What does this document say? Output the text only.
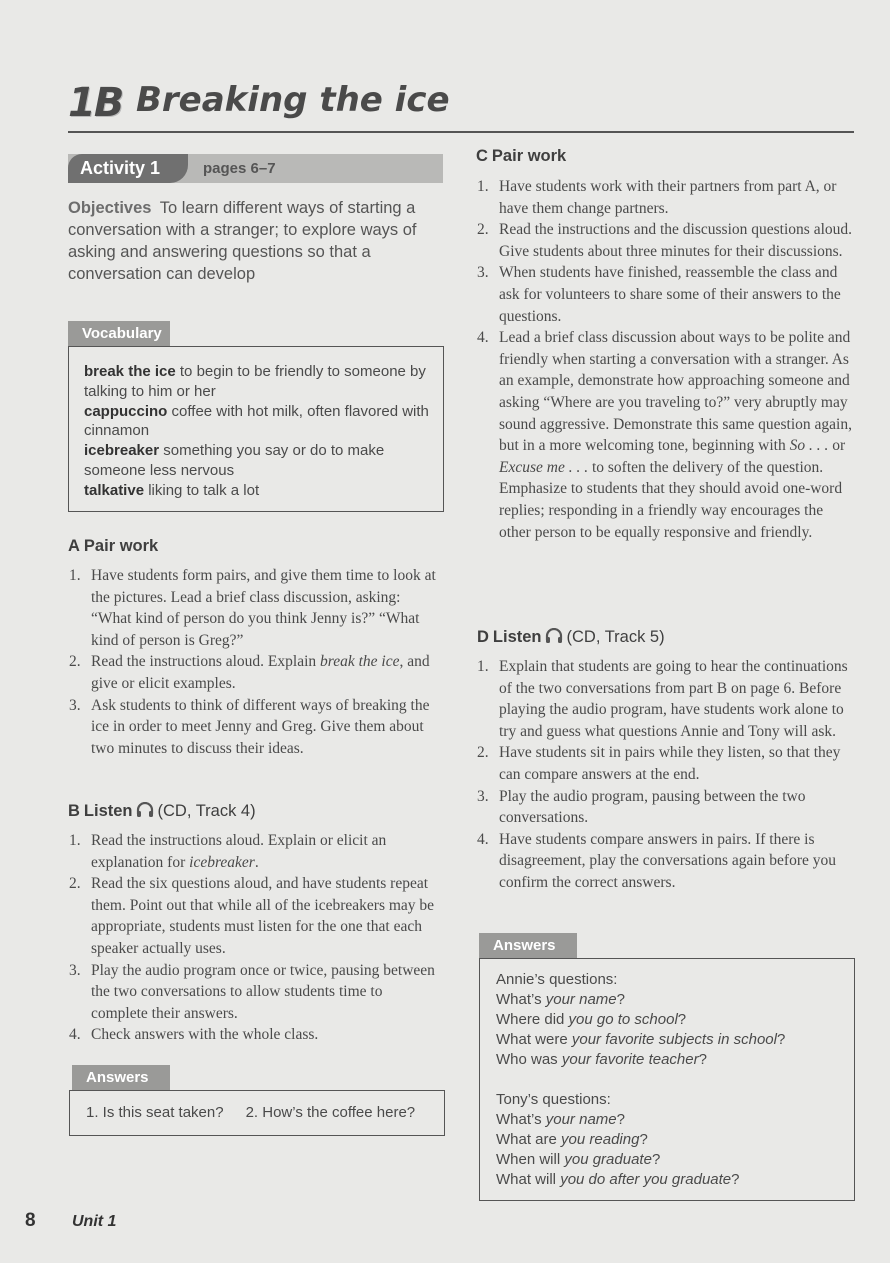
1B Breaking the ice
Activity 1	pages 6–7
Objectives To learn different ways of starting a conversation with a stranger; to explore ways of asking and answering questions so that a conversation can develop
Vocabulary
break the ice to begin to be friendly to someone by talking to him or her
cappuccino coffee with hot milk, often flavored with cinnamon
icebreaker something you say or do to make someone less nervous
talkative liking to talk a lot
A Pair work
1. Have students form pairs, and give them time to look at the pictures. Lead a brief class discussion, asking: “What kind of person do you think Jenny is?” “What kind of person is Greg?”
2. Read the instructions aloud. Explain break the ice, and give or elicit examples.
3. Ask students to think of different ways of breaking the ice in order to meet Jenny and Greg. Give them about two minutes to discuss their ideas.
B Listen (CD, Track 4)
1. Read the instructions aloud. Explain or elicit an explanation for icebreaker.
2. Read the six questions aloud, and have students repeat them. Point out that while all of the icebreakers may be appropriate, students must listen for the one that each speaker actually uses.
3. Play the audio program once or twice, pausing between the two conversations to allow students time to complete their answers.
4. Check answers with the whole class.
Answers
1. Is this seat taken? 2. How’s the coffee here?
C Pair work
1. Have students work with their partners from part A, or have them change partners.
2. Read the instructions and the discussion questions aloud. Give students about three minutes for their discussions.
3. When students have finished, reassemble the class and ask for volunteers to share some of their answers to the questions.
4. Lead a brief class discussion about ways to be polite and friendly when starting a conversation with a stranger. As an example, demonstrate how approaching someone and asking “Where are you traveling to?” very abruptly may sound aggressive. Demonstrate this same question again, but in a more welcoming tone, beginning with So . . . or Excuse me . . . to soften the delivery of the question. Emphasize to students that they should avoid one-word replies; responding in a friendly way encourages the other person to be equally responsive and friendly.
D Listen (CD, Track 5)
1. Explain that students are going to hear the continuations of the two conversations from part B on page 6. Before playing the audio program, have students work alone to try and guess what questions Annie and Tony will ask.
2. Have students sit in pairs while they listen, so that they can compare answers at the end.
3. Play the audio program, pausing between the two conversations.
4. Have students compare answers in pairs. If there is disagreement, play the conversations again before you confirm the correct answers.
Answers
Annie’s questions:
What’s your name?
Where did you go to school?
What were your favorite subjects in school?
Who was your favorite teacher?
Tony’s questions:
What’s your name?
What are you reading?
When will you graduate?
What will you do after you graduate?
8 Unit 1
